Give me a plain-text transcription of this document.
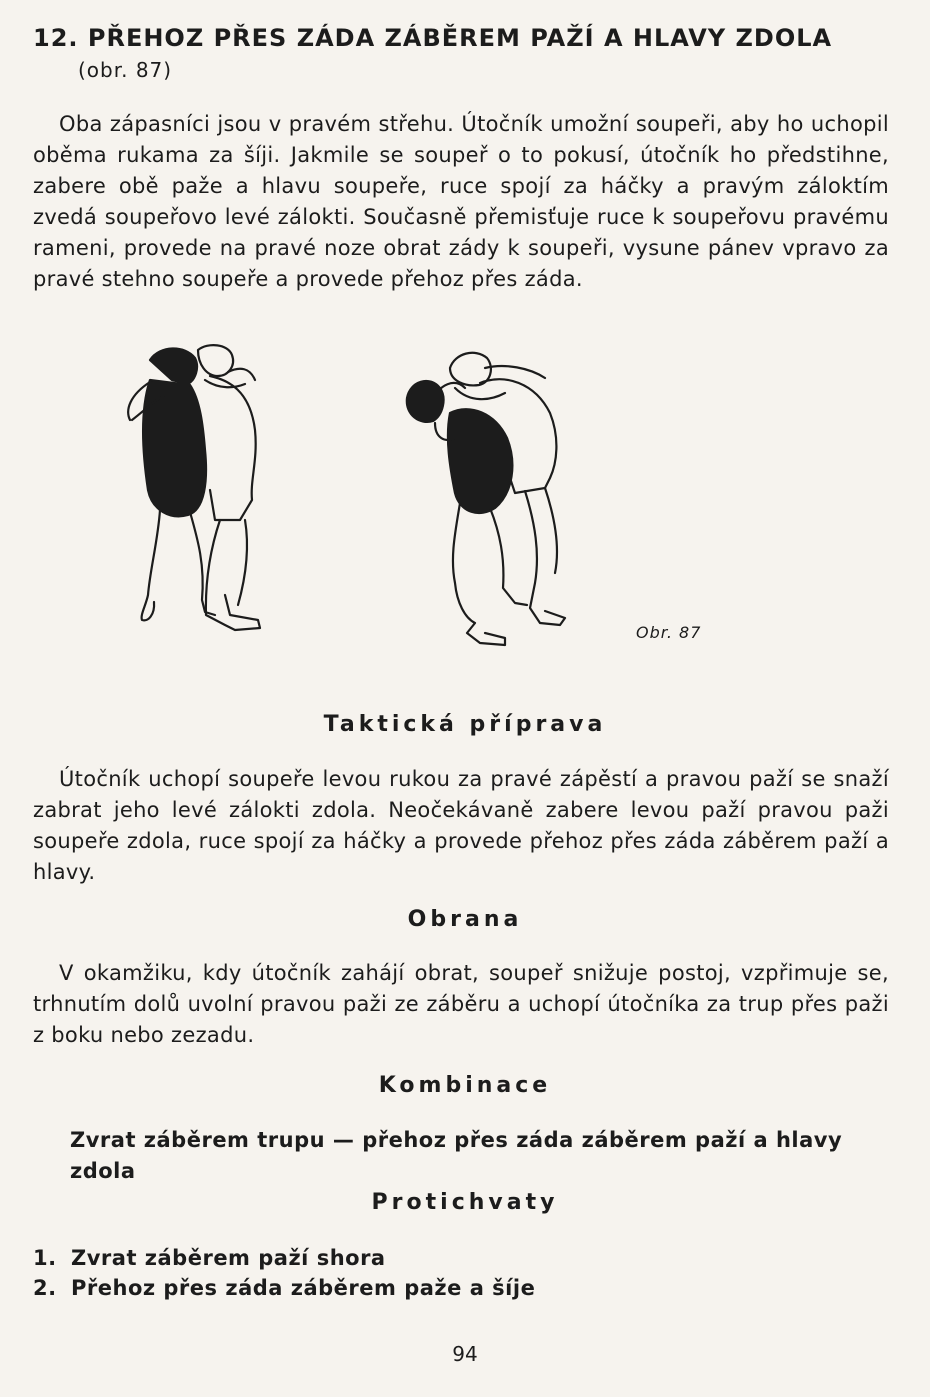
12. PŘEHOZ PŘES ZÁDA ZÁBĚREM PAŽÍ A HLAVY ZDOLA
(obr. 87)

Oba zápasníci jsou v pravém střehu. Útočník umožní soupeři, aby ho uchopil oběma rukama za šíji. Jakmile se soupeř o to pokusí, útočník ho předstihne, zabere obě paže a hlavu soupeře, ruce spojí za háčky a pravým záloktím zvedá soupeřovo levé zálokti. Současně přemisťuje ruce k soupeřovu pravému rameni, provede na pravé noze obrat zády k soupeři, vysune pánev vpravo za pravé stehno soupeře a provede přehoz přes záda.

Obr. 87
Taktická příprava

Útočník uchopí soupeře levou rukou za pravé zápěstí a pravou paží se snaží zabrat jeho levé zálokti zdola. Neočekávaně zabere levou paží pravou paži soupeře zdola, ruce spojí za háčky a provede přehoz přes záda záběrem paží a hlavy.

Obrana

V okamžiku, kdy útočník zahájí obrat, soupeř snižuje postoj, vzpřimuje se, trhnutím dolů uvolní pravou paži ze záběru a uchopí útočníka za trup přes paži z boku nebo zezadu.

Kombinace
Zvrat záběrem trupu — přehoz přes záda záběrem paží a hlavy zdola
Protichvaty
1. Zvrat záběrem paží shora
2. Přehoz přes záda záběrem paže a šíje
94
